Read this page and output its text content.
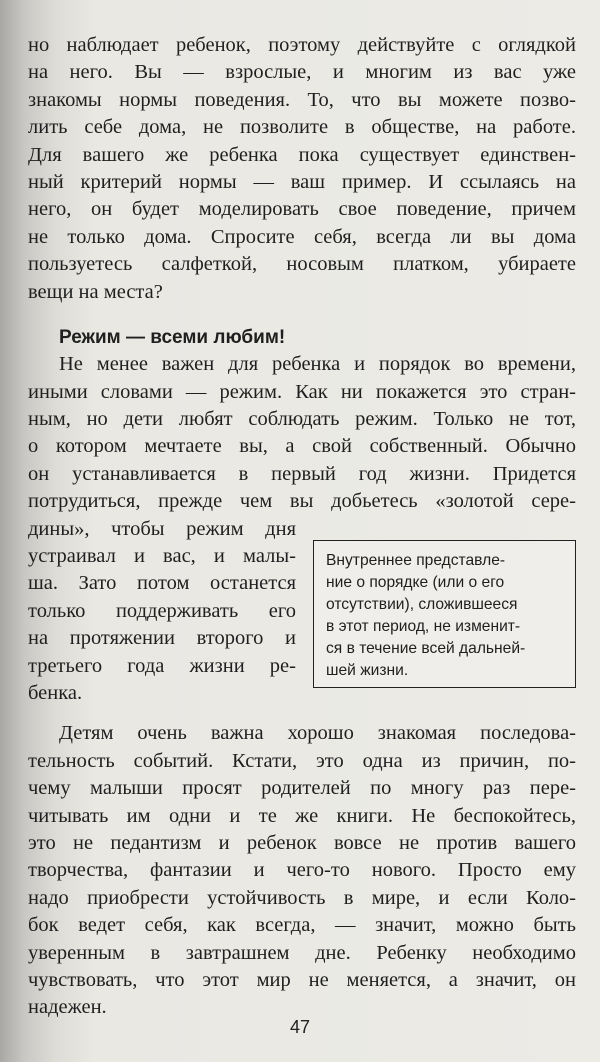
но наблюдает ребенок, поэтому действуйте с оглядкой
на него. Вы — взрослые, и многим из вас уже
знакомы нормы поведения. То, что вы можете позво-
лить себе дома, не позволите в обществе, на работе.
Для вашего же ребенка пока существует единствен-
ный критерий нормы — ваш пример. И ссылаясь на
него, он будет моделировать свое поведение, причем
не только дома. Спросите себя, всегда ли вы дома
пользуетесь салфеткой, носовым платком, убираете
вещи на места?
Режим — всеми любим!
Не менее важен для ребенка и порядок во времени,
иными словами — режим. Как ни покажется это стран-
ным, но дети любят соблюдать режим. Только не тот,
о котором мечтаете вы, а свой собственный. Обычно
он устанавливается в первый год жизни. Придется
потрудиться, прежде чем вы добьетесь «золотой сере-
дины», чтобы режим дня
устраивал и вас, и малы-
ша. Зато потом останется
только поддерживать его
на протяжении второго и
третьего года жизни ре-
бенка.
Детям очень важна хорошо знакомая последова-
тельность событий. Кстати, это одна из причин, по-
чему малыши просят родителей по многу раз пере-
читывать им одни и те же книги. Не беспокойтесь,
это не педантизм и ребенок вовсе не против вашего
творчества, фантазии и чего-то нового. Просто ему
надо приобрести устойчивость в мире, и если Коло-
бок ведет себя, как всегда, — значит, можно быть
уверенным в завтрашнем дне. Ребенку необходимо
чувствовать, что этот мир не меняется, а значит, он
надежен.
Внутреннее представле-
ние о порядке (или о его
отсутствии), сложившееся
в этот период, не изменит-
ся в течение всей дальней-
шей жизни.
47
